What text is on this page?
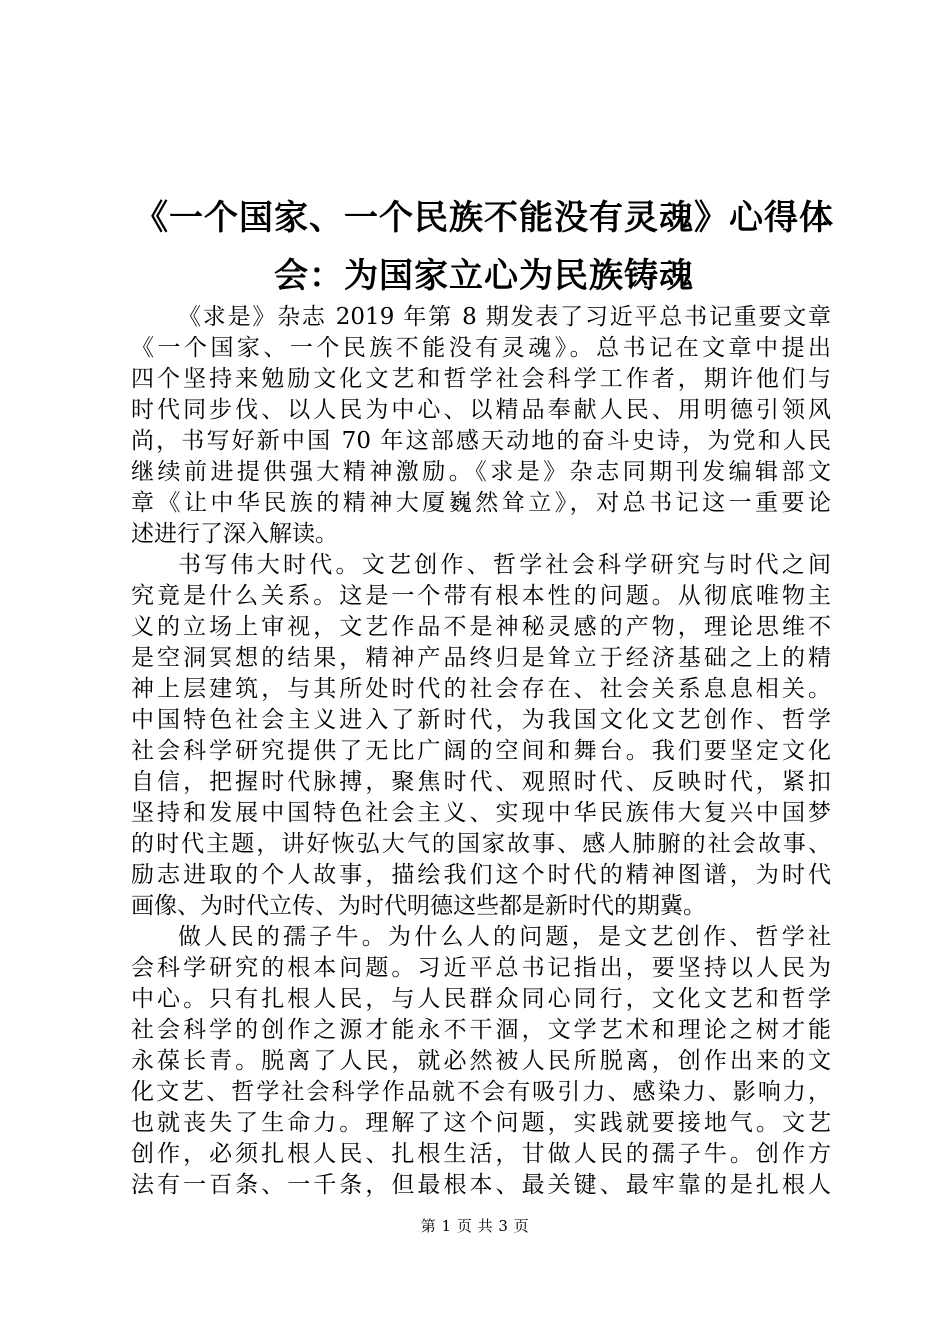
《一个国家、一个民族不能没有灵魂》心得体
会：为国家立心为民族铸魂
《求是》杂志 2019 年第 8 期发表了习近平总书记重要文章
《一个国家、一个民族不能没有灵魂》。总书记在文章中提出
四个坚持来勉励文化文艺和哲学社会科学工作者，期许他们与
时代同步伐、以人民为中心、以精品奉献人民、用明德引领风
尚，书写好新中国 70 年这部感天动地的奋斗史诗，为党和人民
继续前进提供强大精神激励。《求是》杂志同期刊发编辑部文
章《让中华民族的精神大厦巍然耸立》，对总书记这一重要论
述进行了深入解读。
书写伟大时代。文艺创作、哲学社会科学研究与时代之间
究竟是什么关系。这是一个带有根本性的问题。从彻底唯物主
义的立场上审视，文艺作品不是神秘灵感的产物，理论思维不
是空洞冥想的结果，精神产品终归是耸立于经济基础之上的精
神上层建筑，与其所处时代的社会存在、社会关系息息相关。
中国特色社会主义进入了新时代，为我国文化文艺创作、哲学
社会科学研究提供了无比广阔的空间和舞台。我们要坚定文化
自信，把握时代脉搏，聚焦时代、观照时代、反映时代，紧扣
坚持和发展中国特色社会主义、实现中华民族伟大复兴中国梦
的时代主题，讲好恢弘大气的国家故事、感人肺腑的社会故事、
励志进取的个人故事，描绘我们这个时代的精神图谱，为时代
画像、为时代立传、为时代明德这些都是新时代的期冀。
做人民的孺子牛。为什么人的问题，是文艺创作、哲学社
会科学研究的根本问题。习近平总书记指出，要坚持以人民为
中心。只有扎根人民，与人民群众同心同行，文化文艺和哲学
社会科学的创作之源才能永不干涸，文学艺术和理论之树才能
永葆长青。脱离了人民，就必然被人民所脱离，创作出来的文
化文艺、哲学社会科学作品就不会有吸引力、感染力、影响力，
也就丧失了生命力。理解了这个问题，实践就要接地气。文艺
创作，必须扎根人民、扎根生活，甘做人民的孺子牛。创作方
法有一百条、一千条，但最根本、最关键、最牢靠的是扎根人
第 1 页 共 3 页
